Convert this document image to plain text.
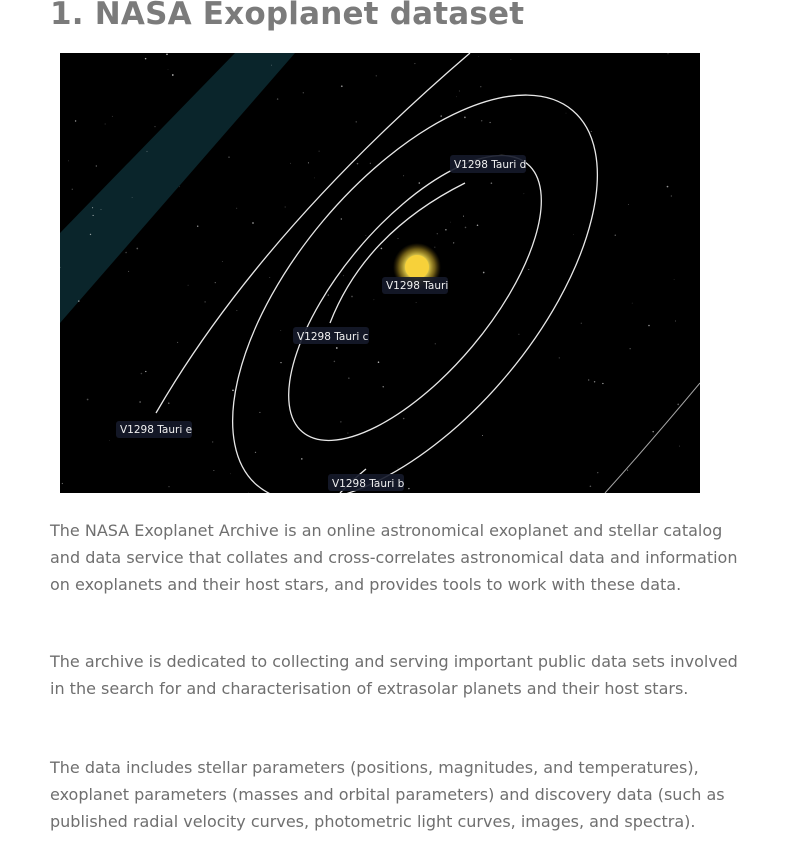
1. NASA Exoplanet dataset
V1298 Tauri d
V1298 Tauri
V1298 Tauri c
V1298 Tauri e
V1298 Tauri b

The NASA Exoplanet Archive is an online astronomical exoplanet and stellar catalog and data service that collates and cross-correlates astronomical data and information on exoplanets and their host stars, and provides tools to work with these data.

The archive is dedicated to collecting and serving important public data sets involved in the search for and characterisation of extrasolar planets and their host stars.

The data includes stellar parameters (positions, magnitudes, and temperatures), exoplanet parameters (masses and orbital parameters) and discovery data (such as published radial velocity curves, photometric light curves, images, and spectra).
